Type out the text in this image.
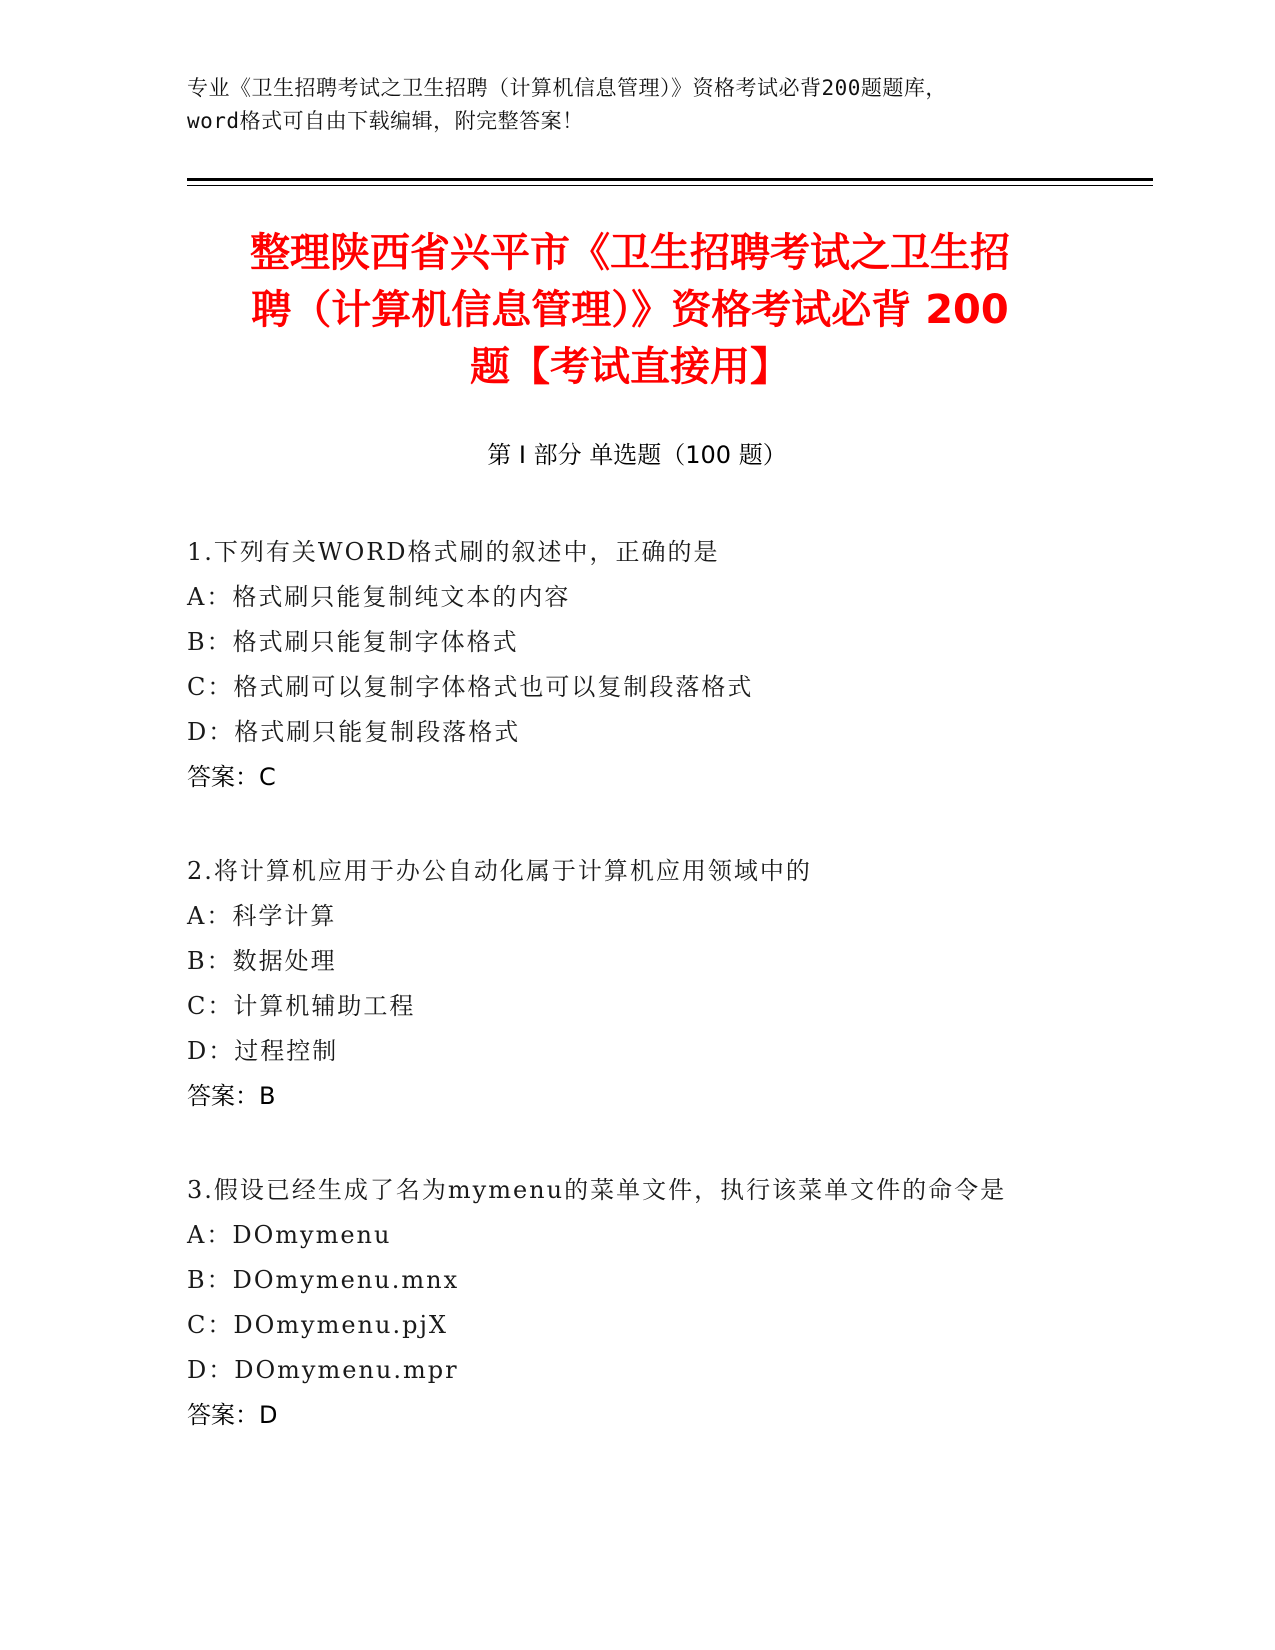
专业《卫生招聘考试之卫生招聘（计算机信息管理）》资格考试必背200题题库，
word格式可自由下载编辑，附完整答案！
整理陕西省兴平市《卫生招聘考试之卫生招
聘（计算机信息管理）》资格考试必背 200
题【考试直接用】
第 I 部分 单选题（100 题）
1.下列有关WORD格式刷的叙述中，正确的是
A：格式刷只能复制纯文本的内容
B：格式刷只能复制字体格式
C：格式刷可以复制字体格式也可以复制段落格式
D：格式刷只能复制段落格式
答案：C
2.将计算机应用于办公自动化属于计算机应用领域中的
A：科学计算
B：数据处理
C：计算机辅助工程
D：过程控制
答案：B
3.假设已经生成了名为mymenu的菜单文件，执行该菜单文件的命令是
A：DOmymenu
B：DOmymenu.mnx
C：DOmymenu.pjX
D：DOmymenu.mpr
答案：D
